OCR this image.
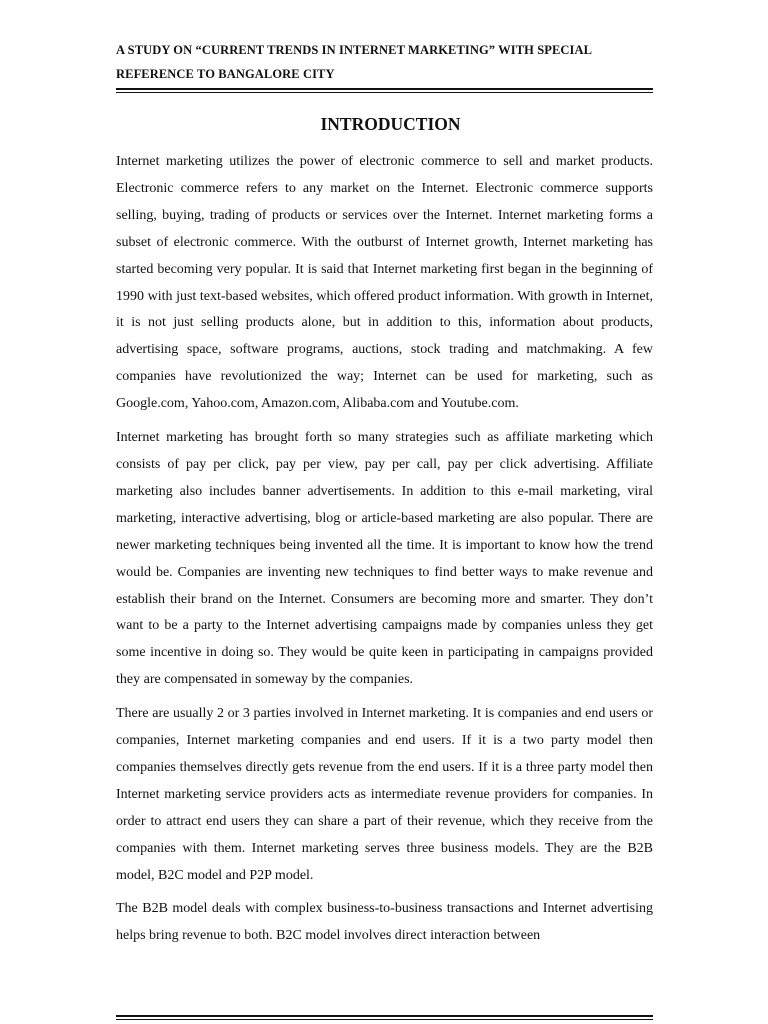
A STUDY ON “CURRENT TRENDS IN INTERNET MARKETING” WITH SPECIAL
REFERENCE TO BANGALORE CITY
INTRODUCTION

Internet marketing utilizes the power of electronic commerce to sell and market products. Electronic commerce refers to any market on the Internet. Electronic commerce supports selling, buying, trading of products or services over the Internet. Internet marketing forms a subset of electronic commerce. With the outburst of Internet growth, Internet marketing has started becoming very popular. It is said that Internet marketing first began in the beginning of 1990 with just text-based websites, which offered product information. With growth in Internet, it is not just selling products alone, but in addition to this, information about products, advertising space, software programs, auctions, stock trading and matchmaking. A few companies have revolutionized the way; Internet can be used for marketing, such as Google.com, Yahoo.com, Amazon.com, Alibaba.com and Youtube.com.

Internet marketing has brought forth so many strategies such as affiliate marketing which consists of pay per click, pay per view, pay per call, pay per click advertising. Affiliate marketing also includes banner advertisements. In addition to this e-mail marketing, viral marketing, interactive advertising, blog or article-based marketing are also popular. There are newer marketing techniques being invented all the time. It is important to know how the trend would be. Companies are inventing new techniques to find better ways to make revenue and establish their brand on the Internet. Consumers are becoming more and smarter. They don’t want to be a party to the Internet advertising campaigns made by companies unless they get some incentive in doing so. They would be quite keen in participating in campaigns provided they are compensated in someway by the companies.

There are usually 2 or 3 parties involved in Internet marketing. It is companies and end users or companies, Internet marketing companies and end users. If it is a two party model then companies themselves directly gets revenue from the end users. If it is a three party model then Internet marketing service providers acts as intermediate revenue providers for companies. In order to attract end users they can share a part of their revenue, which they receive from the companies with them. Internet marketing serves three business models. They are the B2B model, B2C model and P2P model.

The B2B model deals with complex business-to-business transactions and Internet advertising helps bring revenue to both. B2C model involves direct interaction between
